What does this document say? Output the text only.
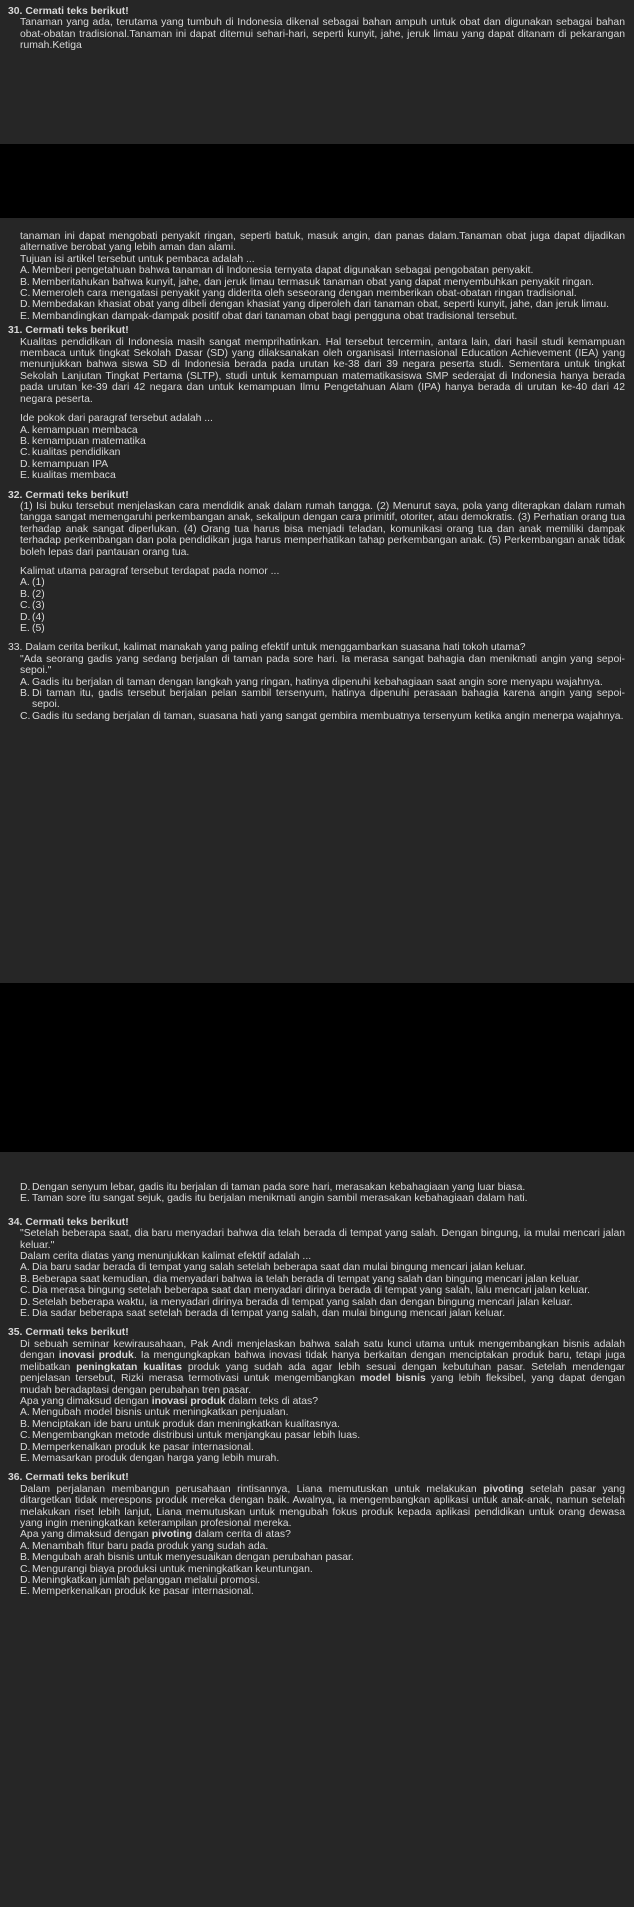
30. Cermati teks berikut!

Tanaman yang ada, terutama yang tumbuh di Indonesia dikenal sebagai bahan ampuh untuk obat dan digunakan sebagai bahan obat-obatan tradisional.Tanaman ini dapat ditemui sehari-hari, seperti kunyit, jahe, jeruk limau yang dapat ditanam di pekarangan rumah.Ketiga

tanaman ini dapat mengobati penyakit ringan, seperti batuk, masuk angin, dan panas dalam.Tanaman obat juga dapat dijadikan alternative berobat yang lebih aman dan alami.

Tujuan isi artikel tersebut untuk pembaca adalah ...

A. Memberi pengetahuan bahwa tanaman di Indonesia ternyata dapat digunakan sebagai pengobatan penyakit.
B. Memberitahukan bahwa kunyit, jahe, dan jeruk limau termasuk tanaman obat yang dapat menyembuhkan penyakit ringan.
C. Memeroleh cara mengatasi penyakit yang diderita oleh seseorang dengan memberikan obat-obatan ringan tradisional.
D. Membedakan khasiat obat yang dibeli dengan khasiat yang diperoleh dari tanaman obat, seperti kunyit, jahe, dan jeruk limau.
E. Membandingkan dampak-dampak positif obat dari tanaman obat bagi pengguna obat tradisional tersebut.

31. Cermati teks berikut!

Kualitas pendidikan di Indonesia masih sangat memprihatinkan. Hal tersebut tercermin, antara lain, dari hasil studi kemampuan membaca untuk tingkat Sekolah Dasar (SD) yang dilaksanakan oleh organisasi Internasional Education Achievement (IEA) yang menunjukkan bahwa siswa SD di Indonesia berada pada urutan ke-38 dari 39 negara peserta studi. Sementara untuk tingkat Sekolah Lanjutan Tingkat Pertama (SLTP), studi untuk kemampuan matematikasiswa SMP sederajat di Indonesia hanya berada pada urutan ke-39 dari 42 negara dan untuk kemampuan Ilmu Pengetahuan Alam (IPA) hanya berada di urutan ke-40 dari 42 negara peserta.

Ide pokok dari paragraf tersebut adalah ...

A. kemampuan membaca
B. kemampuan matematika
C. kualitas pendidikan
D. kemampuan IPA
E. kualitas membaca

32. Cermati teks berikut!

(1) Isi buku tersebut menjelaskan cara mendidik anak dalam rumah tangga. (2) Menurut saya, pola yang diterapkan dalam rumah tangga sangat memengaruhi perkembangan anak, sekalipun dengan cara primitif, otoriter, atau demokratis. (3) Perhatian orang tua terhadap anak sangat diperlukan. (4) Orang tua harus bisa menjadi teladan, komunikasi orang tua dan anak memiliki dampak terhadap perkembangan dan pola pendidikan juga harus memperhatikan tahap perkembangan anak. (5) Perkembangan anak tidak boleh lepas dari pantauan orang tua.

Kalimat utama paragraf tersebut terdapat pada nomor ...

A. (1)
B. (2)
C. (3)
D. (4)
E. (5)

33. Dalam cerita berikut, kalimat manakah yang paling efektif untuk menggambarkan suasana hati tokoh utama?

"Ada seorang gadis yang sedang berjalan di taman pada sore hari. Ia merasa sangat bahagia dan menikmati angin yang sepoi-sepoi."

A. Gadis itu berjalan di taman dengan langkah yang ringan, hatinya dipenuhi kebahagiaan saat angin sore menyapu wajahnya.
B. Di taman itu, gadis tersebut berjalan pelan sambil tersenyum, hatinya dipenuhi perasaan bahagia karena angin yang sepoi-sepoi.
C. Gadis itu sedang berjalan di taman, suasana hati yang sangat gembira membuatnya tersenyum ketika angin menerpa wajahnya.
D. Dengan senyum lebar, gadis itu berjalan di taman pada sore hari, merasakan kebahagiaan yang luar biasa.
E. Taman sore itu sangat sejuk, gadis itu berjalan menikmati angin sambil merasakan kebahagiaan dalam hati.

34. Cermati teks berikut!

"Setelah beberapa saat, dia baru menyadari bahwa dia telah berada di tempat yang salah. Dengan bingung, ia mulai mencari jalan keluar."

Dalam cerita diatas yang menunjukkan kalimat efektif adalah ...

A. Dia baru sadar berada di tempat yang salah setelah beberapa saat dan mulai bingung mencari jalan keluar.
B. Beberapa saat kemudian, dia menyadari bahwa ia telah berada di tempat yang salah dan bingung mencari jalan keluar.
C. Dia merasa bingung setelah beberapa saat dan menyadari dirinya berada di tempat yang salah, lalu mencari jalan keluar.
D. Setelah beberapa waktu, ia menyadari dirinya berada di tempat yang salah dan dengan bingung mencari jalan keluar.
E. Dia sadar beberapa saat setelah berada di tempat yang salah, dan mulai bingung mencari jalan keluar.

35. Cermati teks berikut!

Di sebuah seminar kewirausahaan, Pak Andi menjelaskan bahwa salah satu kunci utama untuk mengembangkan bisnis adalah dengan inovasi produk. Ia mengungkapkan bahwa inovasi tidak hanya berkaitan dengan menciptakan produk baru, tetapi juga melibatkan peningkatan kualitas produk yang sudah ada agar lebih sesuai dengan kebutuhan pasar. Setelah mendengar penjelasan tersebut, Rizki merasa termotivasi untuk mengembangkan model bisnis yang lebih fleksibel, yang dapat dengan mudah beradaptasi dengan perubahan tren pasar.

Apa yang dimaksud dengan inovasi produk dalam teks di atas?

A. Mengubah model bisnis untuk meningkatkan penjualan.
B. Menciptakan ide baru untuk produk dan meningkatkan kualitasnya.
C. Mengembangkan metode distribusi untuk menjangkau pasar lebih luas.
D. Memperkenalkan produk ke pasar internasional.
E. Memasarkan produk dengan harga yang lebih murah.

36. Cermati teks berikut!

Dalam perjalanan membangun perusahaan rintisannya, Liana memutuskan untuk melakukan pivoting setelah pasar yang ditargetkan tidak merespons produk mereka dengan baik. Awalnya, ia mengembangkan aplikasi untuk anak-anak, namun setelah melakukan riset lebih lanjut, Liana memutuskan untuk mengubah fokus produk kepada aplikasi pendidikan untuk orang dewasa yang ingin meningkatkan keterampilan profesional mereka.

Apa yang dimaksud dengan pivoting dalam cerita di atas?

A. Menambah fitur baru pada produk yang sudah ada.
B. Mengubah arah bisnis untuk menyesuaikan dengan perubahan pasar.
C. Mengurangi biaya produksi untuk meningkatkan keuntungan.
D. Meningkatkan jumlah pelanggan melalui promosi.
E. Memperkenalkan produk ke pasar internasional.
